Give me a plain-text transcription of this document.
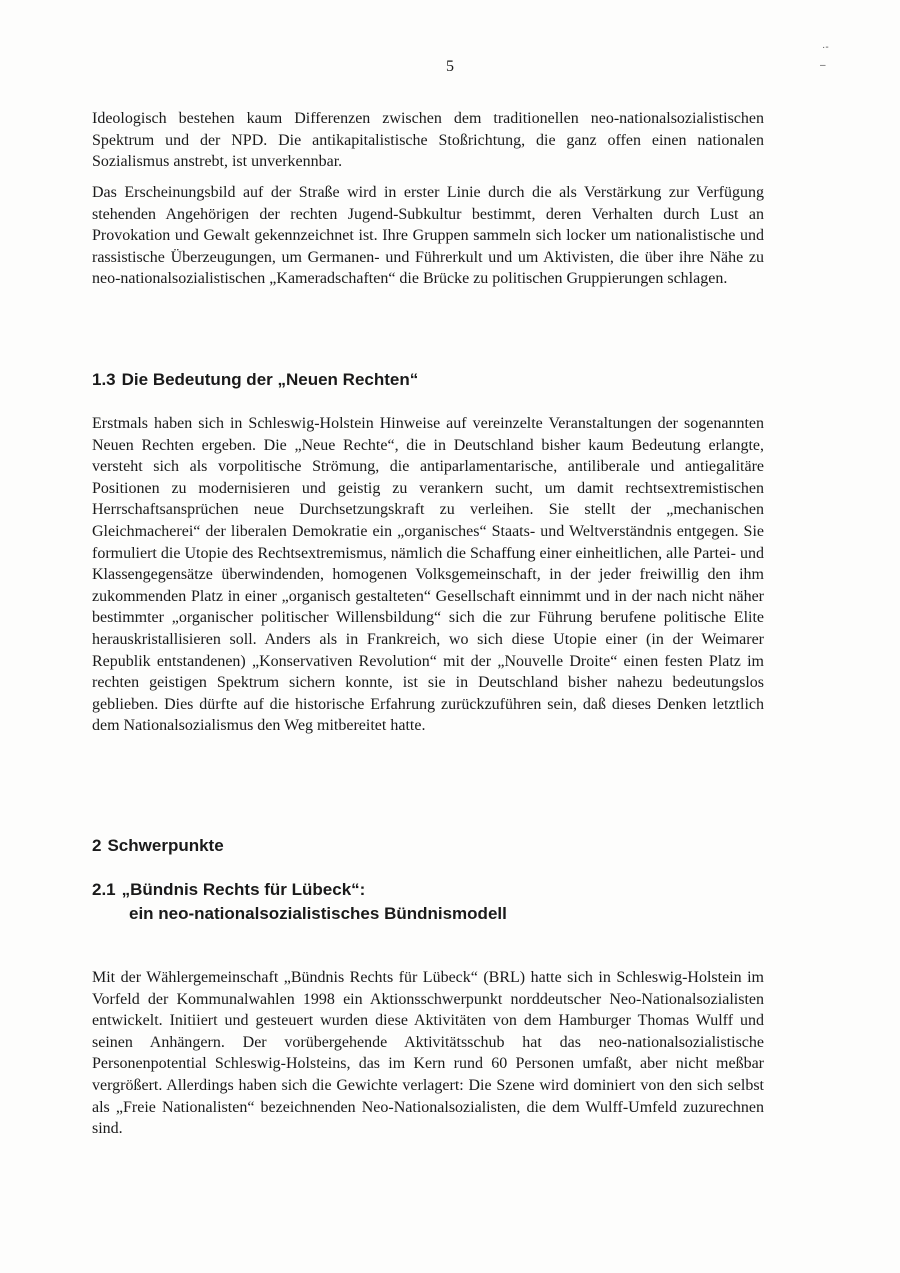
5
·-
–

Ideologisch bestehen kaum Differenzen zwischen dem traditionellen neo-nationalsozialistischen Spektrum und der NPD. Die antikapitalistische Stoßrichtung, die ganz offen einen nationalen Sozialismus anstrebt, ist unverkennbar.

Das Erscheinungsbild auf der Straße wird in erster Linie durch die als Verstärkung zur Verfügung stehenden Angehörigen der rechten Jugend-Subkultur bestimmt, deren Verhalten durch Lust an Provokation und Gewalt gekennzeichnet ist. Ihre Gruppen sammeln sich locker um nationalistische und rassistische Überzeugungen, um Germanen- und Führerkult und um Aktivisten, die über ihre Nähe zu neo-nationalsozialistischen „Kameradschaften“ die Brücke zu politischen Gruppierungen schlagen.

1.3 Die Bedeutung der „Neuen Rechten“

Erstmals haben sich in Schleswig-Holstein Hinweise auf vereinzelte Veranstaltungen der sogenannten Neuen Rechten ergeben. Die „Neue Rechte“, die in Deutschland bisher kaum Bedeutung erlangte, versteht sich als vorpolitische Strömung, die antiparlamentarische, antiliberale und antiegalitäre Positionen zu modernisieren und geistig zu verankern sucht, um damit rechtsextremistischen Herrschaftsansprüchen neue Durchsetzungskraft zu verleihen. Sie stellt der „mechanischen Gleichmacherei“ der liberalen Demokratie ein „organisches“ Staats- und Weltverständnis entgegen. Sie formuliert die Utopie des Rechtsextremismus, nämlich die Schaffung einer einheitlichen, alle Partei- und Klassengegensätze überwindenden, homogenen Volksgemeinschaft, in der jeder freiwillig den ihm zukommenden Platz in einer „organisch gestalteten“ Gesellschaft einnimmt und in der nach nicht näher bestimmter „organischer politischer Willensbildung“ sich die zur Führung berufene politische Elite herauskristallisieren soll. Anders als in Frankreich, wo sich diese Utopie einer (in der Weimarer Republik entstandenen) „Konservativen Revolution“ mit der „Nouvelle Droite“ einen festen Platz im rechten geistigen Spektrum sichern konnte, ist sie in Deutschland bisher nahezu bedeutungslos geblieben. Dies dürfte auf die historische Erfahrung zurückzuführen sein, daß dieses Denken letztlich dem Nationalsozialismus den Weg mitbereitet hatte.

2 Schwerpunkte
2.1 „Bündnis Rechts für Lübeck“:
ein neo-nationalsozialistisches Bündnismodell

Mit der Wählergemeinschaft „Bündnis Rechts für Lübeck“ (BRL) hatte sich in Schleswig-Holstein im Vorfeld der Kommunalwahlen 1998 ein Aktionsschwerpunkt norddeutscher Neo-Nationalsozialisten entwickelt. Initiiert und gesteuert wurden diese Aktivitäten von dem Hamburger Thomas Wulff und seinen Anhängern. Der vorübergehende Aktivitätsschub hat das neo-nationalsozialistische Personenpotential Schleswig-Holsteins, das im Kern rund 60 Personen umfaßt, aber nicht meßbar vergrößert. Allerdings haben sich die Gewichte verlagert: Die Szene wird dominiert von den sich selbst als „Freie Nationalisten“ bezeichnenden Neo-Nationalsozialisten, die dem Wulff-Umfeld zuzurechnen sind.
